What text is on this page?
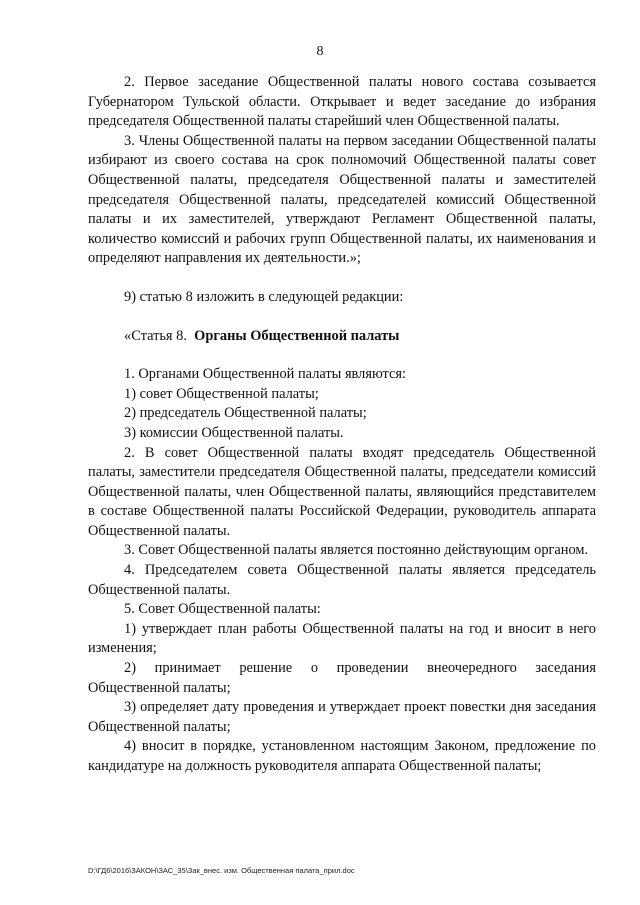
8

2. Первое заседание Общественной палаты нового состава созывается Губернатором Тульской области. Открывает и ведет заседание до избрания председателя Общественной палаты старейший член Общественной палаты.

3. Члены Общественной палаты на первом заседании Общественной палаты избирают из своего состава на срок полномочий Общественной палаты совет Общественной палаты, председателя Общественной палаты и заместителей председателя Общественной палаты, председателей комиссий Общественной палаты и их заместителей, утверждают Регламент Общественной палаты, количество комиссий и рабочих групп Общественной палаты, их наименования и определяют направления их деятельности.»;

9) статью 8 изложить в следующей редакции:

«Статья 8. Органы Общественной палаты

1. Органами Общественной палаты являются:

1) совет Общественной палаты;

2) председатель Общественной палаты;

3) комиссии Общественной палаты.

2. В совет Общественной палаты входят председатель Общественной палаты, заместители председателя Общественной палаты, председатели комиссий Общественной палаты, член Общественной палаты, являющийся представителем в составе Общественной палаты Российской Федерации, руководитель аппарата Общественной палаты.

3. Совет Общественной палаты является постоянно действующим органом.

4. Председателем совета Общественной палаты является председатель Общественной палаты.

5. Совет Общественной палаты:

1) утверждает план работы Общественной палаты на год и вносит в него изменения;

2) принимает решение о проведении внеочередного заседания Общественной палаты;

3) определяет дату проведения и утверждает проект повестки дня заседания Общественной палаты;

4) вносит в порядке, установленном настоящим Законом, предложение по кандидатуре на должность руководителя аппарата Общественной палаты;

D:\ГД6\2016\ЗАКОН\ЗАС_35\Зак_внес. изм. Общественная палата_прил.doc
